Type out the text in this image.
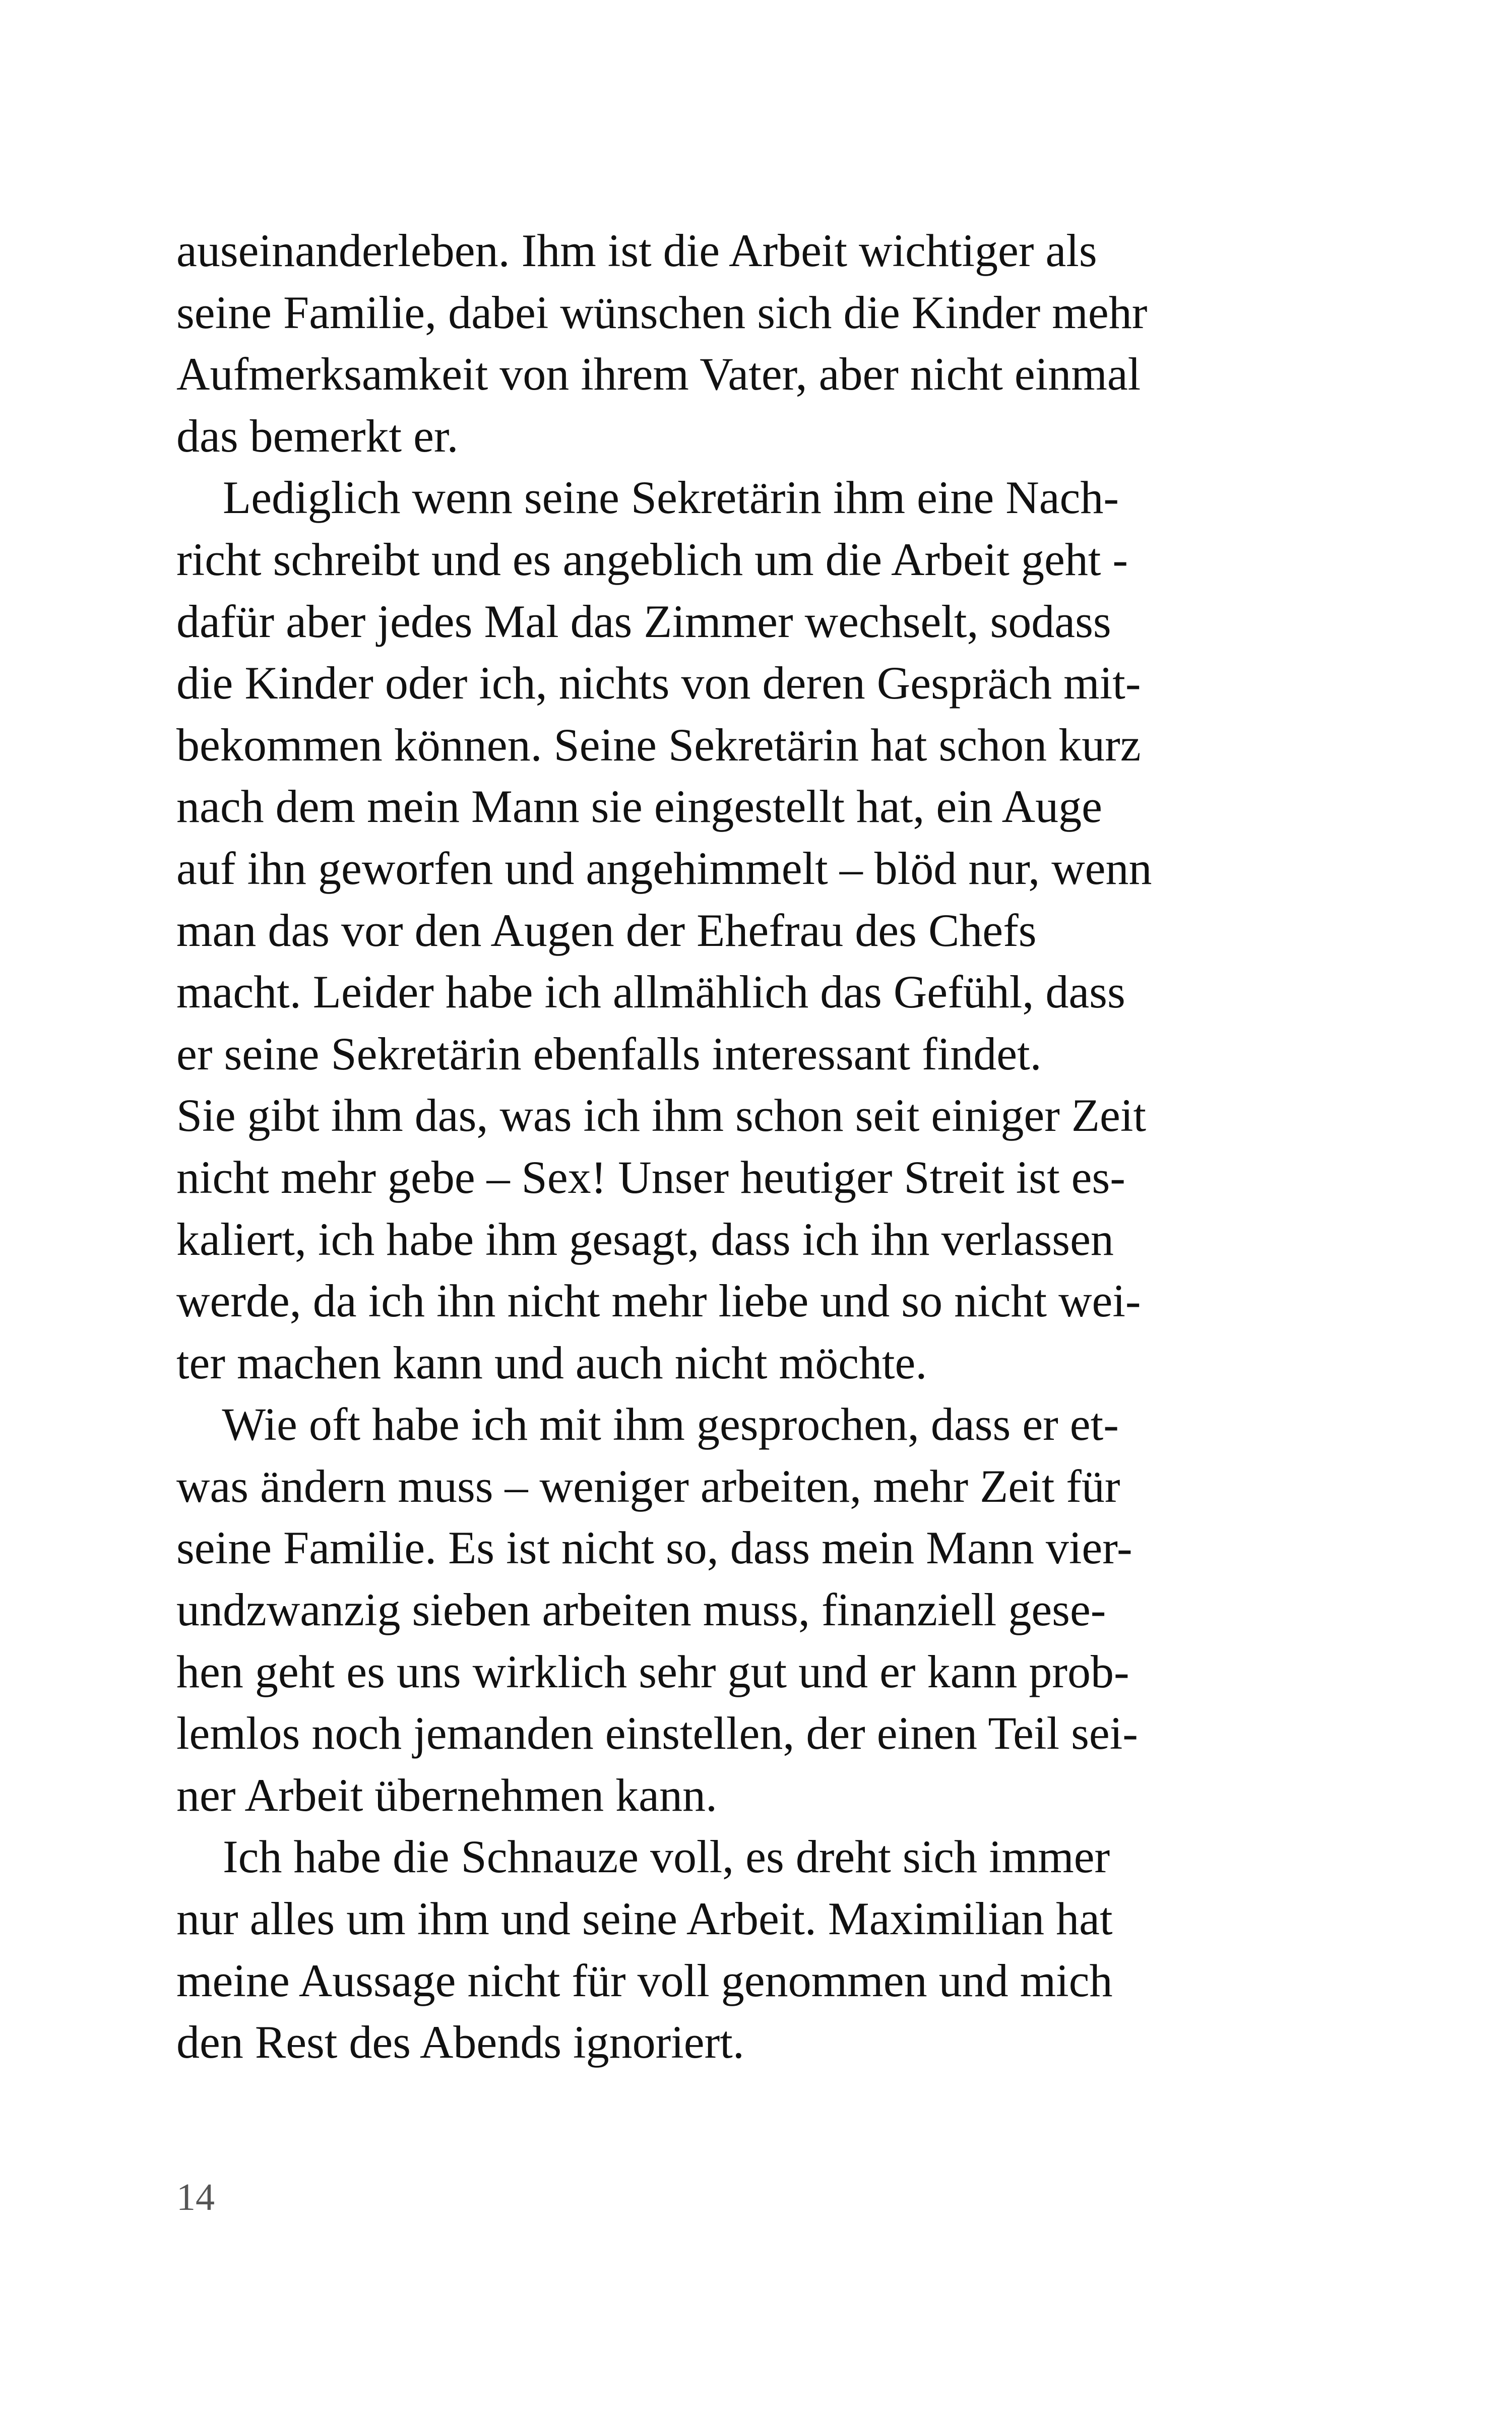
auseinanderleben. Ihm ist die Arbeit wichtiger als
seine Familie, dabei wünschen sich die Kinder mehr
Aufmerksamkeit von ihrem Vater, aber nicht einmal
das bemerkt er.
Lediglich wenn seine Sekretärin ihm eine Nach-
richt schreibt und es angeblich um die Arbeit geht -
dafür aber jedes Mal das Zimmer wechselt, sodass
die Kinder oder ich, nichts von deren Gespräch mit-
bekommen können. Seine Sekretärin hat schon kurz
nach dem mein Mann sie eingestellt hat, ein Auge
auf ihn geworfen und angehimmelt – blöd nur, wenn
man das vor den Augen der Ehefrau des Chefs
macht. Leider habe ich allmählich das Gefühl, dass
er seine Sekretärin ebenfalls interessant findet.
Sie gibt ihm das, was ich ihm schon seit einiger Zeit
nicht mehr gebe – Sex! Unser heutiger Streit ist es-
kaliert, ich habe ihm gesagt, dass ich ihn verlassen
werde, da ich ihn nicht mehr liebe und so nicht wei-
ter machen kann und auch nicht möchte.
Wie oft habe ich mit ihm gesprochen, dass er et-
was ändern muss – weniger arbeiten, mehr Zeit für
seine Familie. Es ist nicht so, dass mein Mann vier-
undzwanzig sieben arbeiten muss, finanziell gese-
hen geht es uns wirklich sehr gut und er kann prob-
lemlos noch jemanden einstellen, der einen Teil sei-
ner Arbeit übernehmen kann.
Ich habe die Schnauze voll, es dreht sich immer
nur alles um ihm und seine Arbeit. Maximilian hat
meine Aussage nicht für voll genommen und mich
den Rest des Abends ignoriert.
14
